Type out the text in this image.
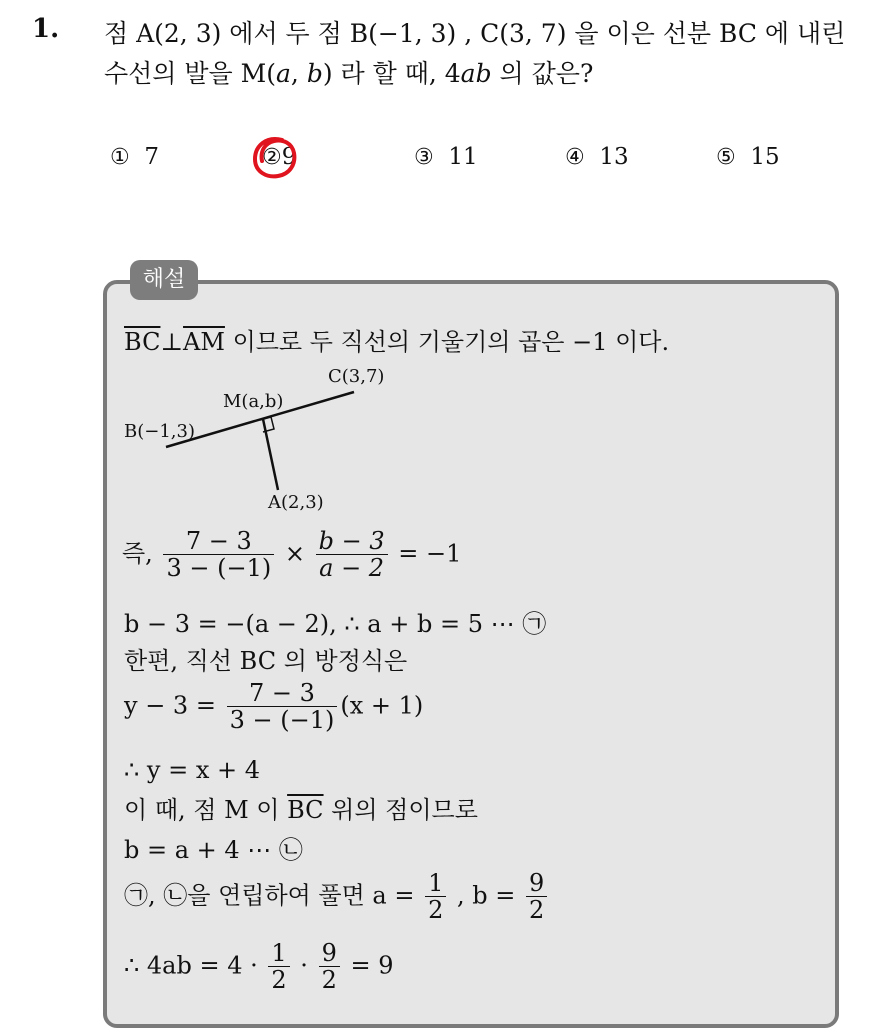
1. 점 A(2, 3) 에서 두 점 B(−1, 3) , C(3, 7) 을 이은 선분 BC 에 내린
수선의 발을 M(a, b) 라 할 때, 4ab 의 값은?
① 7	②9	③ 11	④ 13	⑤ 15
해설
$\overline{BC}\perp\overline{AM}$ 이므로 두 직선의 기울기의 곱은 −1 이다.
M(a,b)
C(3,7)
B(−1,3)
A(2,3)
즉, $\frac{7 - 3}{3 - (-1)} \times \frac{b - 3}{a - 2} = -1$
b − 3 = −(a − 2), ∴ a + b = 5 ⋯ ㉠
한편, 직선 BC 의 방정식은
$y - 3 = \frac{7 - 3}{3 - (-1)} (x + 1)$
∴ y = x + 4
이 때, 점 M 이 $\overline{BC}$ 위의 점이므로
b = a + 4 ⋯ ㉡
㉠, ㉡을 연립하여 풀면 $a = \frac{1}{2}$ , $b = \frac{9}{2}$
∴ $4ab = 4 \cdot \frac{1}{2} \cdot \frac{9}{2} = 9$
